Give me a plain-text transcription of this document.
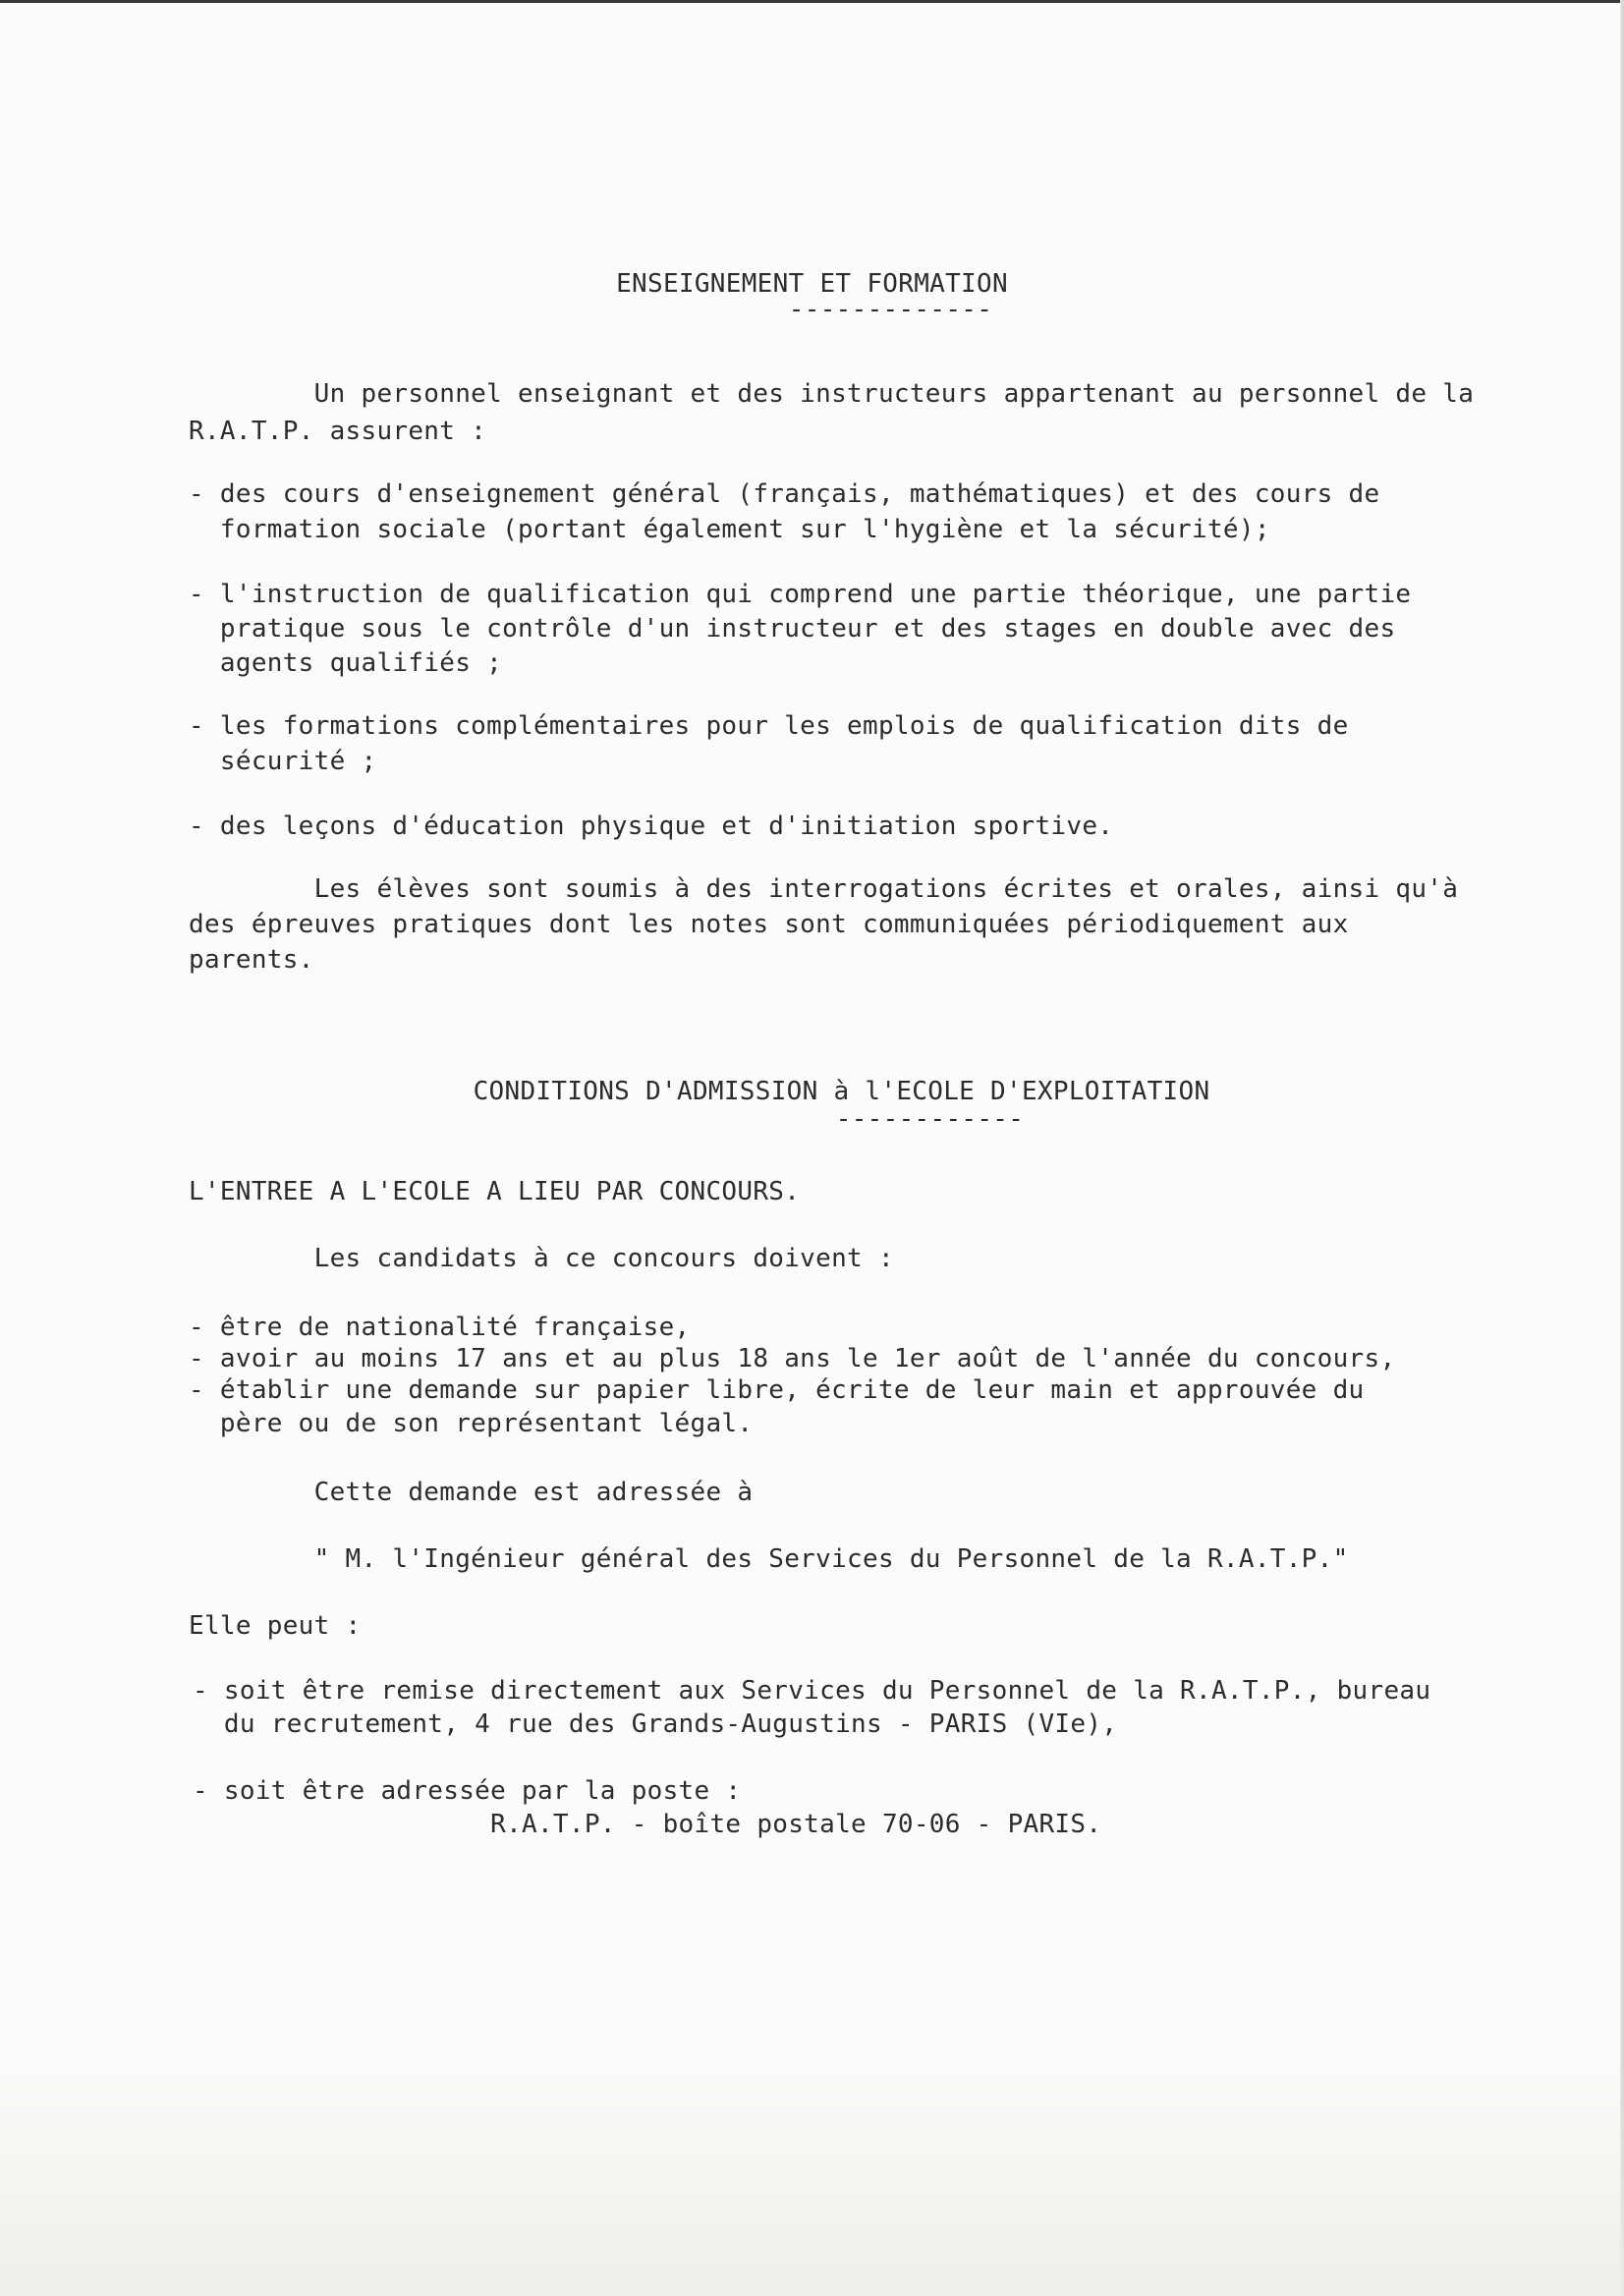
ENSEIGNEMENT ET FORMATION
-------------
Un personnel enseignant et des instructeurs appartenant au personnel de la
R.A.T.P. assurent :
- des cours d'enseignement général (français, mathématiques) et des cours de
formation sociale (portant également sur l'hygiène et la sécurité);
- l'instruction de qualification qui comprend une partie théorique, une partie
pratique sous le contrôle d'un instructeur et des stages en double avec des
agents qualifiés ;
- les formations complémentaires pour les emplois de qualification dits de
sécurité ;
- des leçons d'éducation physique et d'initiation sportive.
Les élèves sont soumis à des interrogations écrites et orales, ainsi qu'à
des épreuves pratiques dont les notes sont communiquées périodiquement aux
parents.
CONDITIONS D'ADMISSION à l'ECOLE D'EXPLOITATION
------------
L'ENTREE A L'ECOLE A LIEU PAR CONCOURS.
Les candidats à ce concours doivent :
- être de nationalité française,
- avoir au moins 17 ans et au plus 18 ans le 1er août de l'année du concours,
- établir une demande sur papier libre, écrite de leur main et approuvée du
père ou de son représentant légal.
Cette demande est adressée à
" M. l'Ingénieur général des Services du Personnel de la R.A.T.P."
Elle peut :
- soit être remise directement aux Services du Personnel de la R.A.T.P., bureau
du recrutement, 4 rue des Grands-Augustins - PARIS (VIe),
- soit être adressée par la poste :
R.A.T.P. - boîte postale 70-06 - PARIS.
